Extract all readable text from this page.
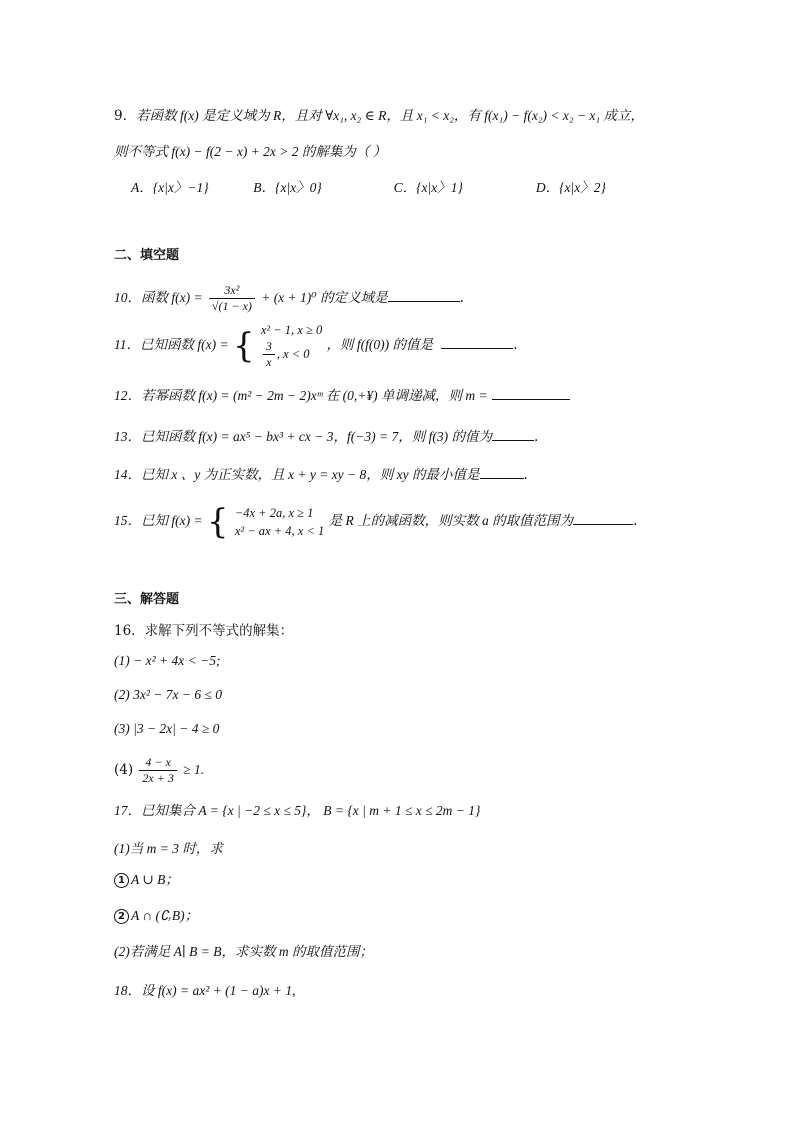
9．若函数 f(x) 是定义域为 R，且对 ∀x₁, x₂ ∈ R，且 x₁ < x₂，有 f(x₁) − f(x₂) < x₂ − x₁ 成立，
则不等式 f(x) − f(2 − x) + 2x > 2 的解集为（ ）
A．{x|x〉−1}	B．{x|x〉0}	C．{x|x〉1}	D．{x|x〉2}
二、填空题
10．函数 $f(x) = \frac{\text{3x²}}{√(1 - x)} + (x + 1)^0$ 的定义域是	.
11．已知函数 f(x) = { x² − 1, x ≥ 0
$\frac{3}{x}$ , x < 0
，则 f(f(0)) 的值是	.
12．若幂函数 f(x) = (m² − 2m − 2)xᵐ 在 (0,+¥) 单调递减，则 m =
13．已知函数 f(x) = ax⁵ − bx³ + cx − 3，f(−3) = 7，则 f(3) 的值为	.
14．已知 x 、y 为正实数，且 x + y = xy − 8，则 xy 的最小值是	.
15．已知 f(x) = { −4x + 2a, x ≥ 1
x² − ax + 4, x < 1
是 R 上的减函数，则实数 a 的取值范围为	.
三、解答题
16．求解下列不等式的解集：
(1) − x² + 4x < −5;
(2) 3x² − 7x − 6 ≤ 0
(3) |3 − 2x| − 4 ≥ 0
$(4) \frac{4 - x}{2x + 3} \ge 1$.
17．已知集合 A = {x | −2 ≤ x ≤ 5}， B = {x | m + 1 ≤ x ≤ 2m − 1}
(1)当 m = 3 时，求
1 A ∪ B；
2 A ∩ (∁ᵣB)；
(2)若满足 A∣ B = B，求实数 m 的取值范围；
18．设 f(x) = ax² + (1 − a)x + 1,
